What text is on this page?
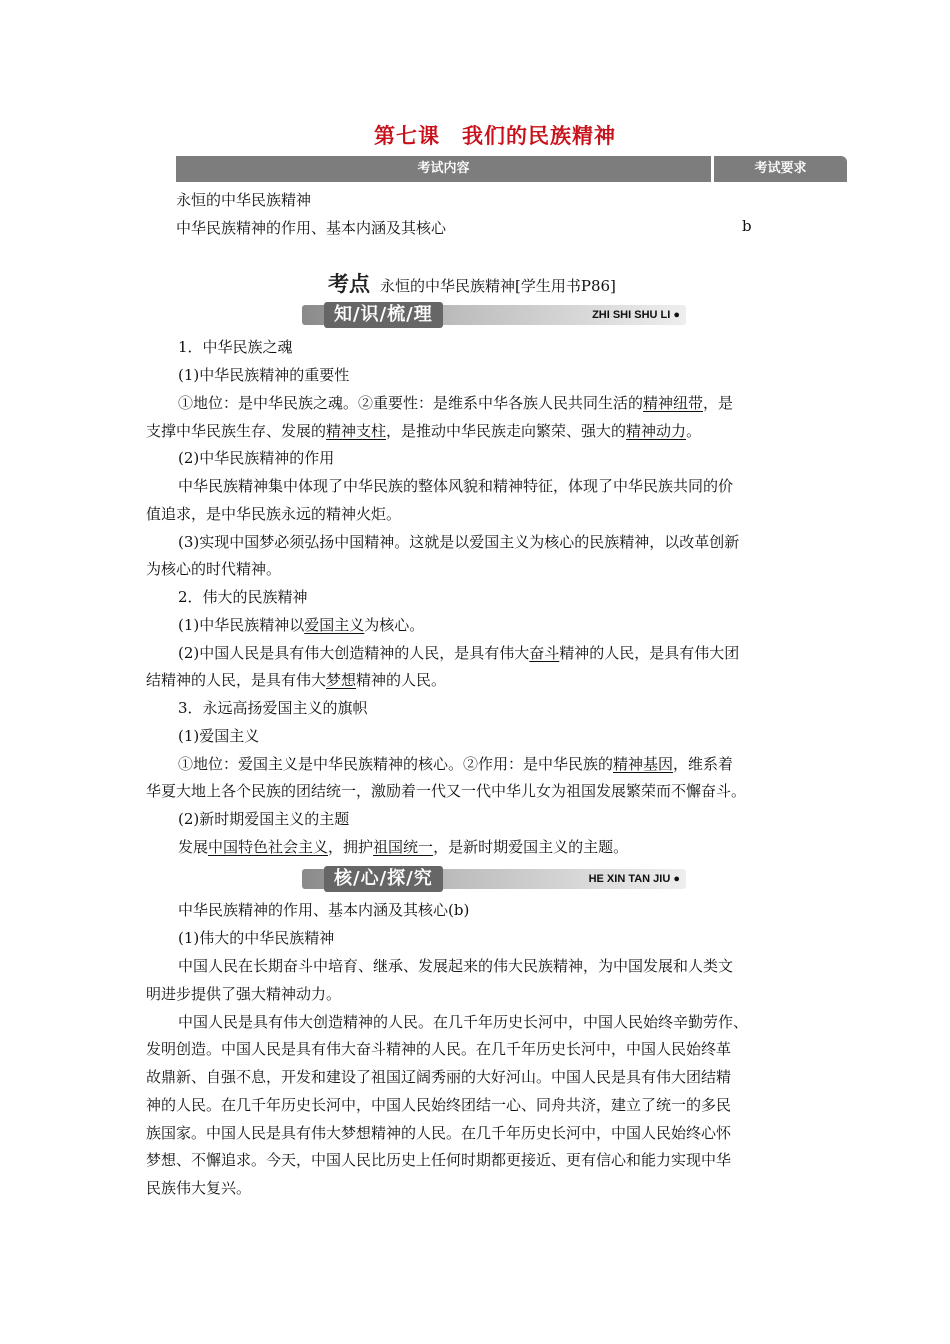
第七课　我们的民族精神
考试内容	考试要求
永恒的中华民族精神
中华民族精神的作用、基本内涵及其核心	b
考点 永恒的中华民族精神[学生用书P86]
知/识/梳/理	ZHI SHI SHU LI ●
1．中华民族之魂
(1)中华民族精神的重要性
①地位：是中华民族之魂。②重要性：是维系中华各族人民共同生活的精神纽带，是
支撑中华民族生存、发展的精神支柱，是推动中华民族走向繁荣、强大的精神动力。
(2)中华民族精神的作用
中华民族精神集中体现了中华民族的整体风貌和精神特征，体现了中华民族共同的价
值追求，是中华民族永远的精神火炬。
(3)实现中国梦必须弘扬中国精神。这就是以爱国主义为核心的民族精神，以改革创新
为核心的时代精神。
2．伟大的民族精神
(1)中华民族精神以爱国主义为核心。
(2)中国人民是具有伟大创造精神的人民，是具有伟大奋斗精神的人民，是具有伟大团
结精神的人民，是具有伟大梦想精神的人民。
3．永远高扬爱国主义的旗帜
(1)爱国主义
①地位：爱国主义是中华民族精神的核心。②作用：是中华民族的精神基因，维系着
华夏大地上各个民族的团结统一，激励着一代又一代中华儿女为祖国发展繁荣而不懈奋斗。
(2)新时期爱国主义的主题
发展中国特色社会主义，拥护祖国统一，是新时期爱国主义的主题。
核/心/探/究	HE XIN TAN JIU ●
中华民族精神的作用、基本内涵及其核心(b)
(1)伟大的中华民族精神
中国人民在长期奋斗中培育、继承、发展起来的伟大民族精神，为中国发展和人类文
明进步提供了强大精神动力。
中国人民是具有伟大创造精神的人民。在几千年历史长河中，中国人民始终辛勤劳作、
发明创造。中国人民是具有伟大奋斗精神的人民。在几千年历史长河中，中国人民始终革
故鼎新、自强不息，开发和建设了祖国辽阔秀丽的大好河山。中国人民是具有伟大团结精
神的人民。在几千年历史长河中，中国人民始终团结一心、同舟共济，建立了统一的多民
族国家。中国人民是具有伟大梦想精神的人民。在几千年历史长河中，中国人民始终心怀
梦想、不懈追求。今天，中国人民比历史上任何时期都更接近、更有信心和能力实现中华
民族伟大复兴。
